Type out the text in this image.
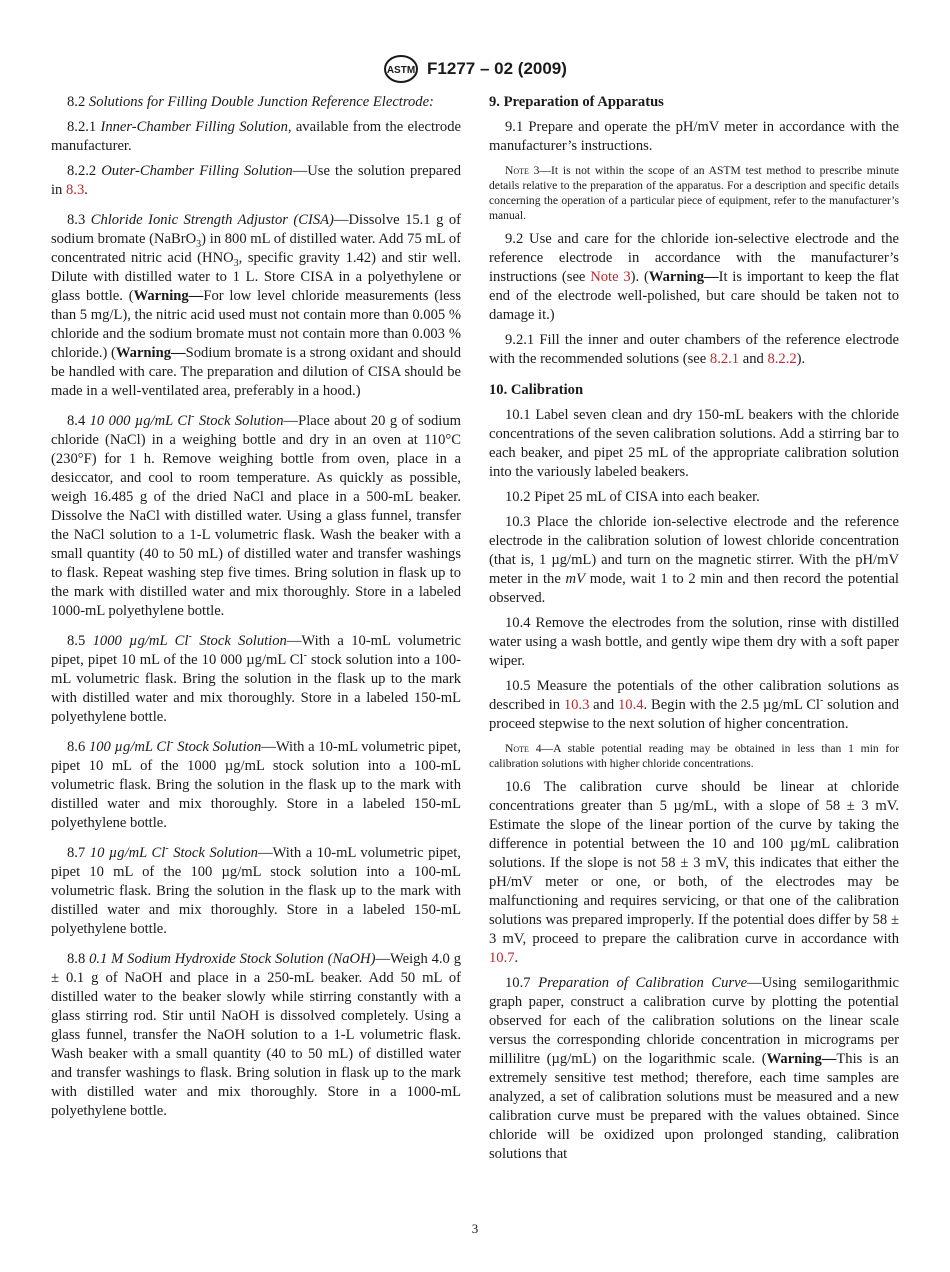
ASTM F1277 – 02 (2009)

8.2 Solutions for Filling Double Junction Reference Electrode:

8.2.1 Inner-Chamber Filling Solution, available from the electrode manufacturer.

8.2.2 Outer-Chamber Filling Solution—Use the solution prepared in 8.3.

8.3 Chloride Ionic Strength Adjustor (CISA)—Dissolve 15.1 g of sodium bromate (NaBrO$_3$) in 800 mL of distilled water. Add 75 mL of concentrated nitric acid ($HNO_3$, specific gravity 1.42) and stir well. Dilute with distilled water to 1 L. Store CISA in a polyethylene or glass bottle. (Warning—For low level chloride measurements (less than 5 mg/L), the nitric acid used must not contain more than 0.005 % chloride and the sodium bromate must not contain more than 0.003 % chloride.) (Warning—Sodium bromate is a strong oxidant and should be handled with care. The preparation and dilution of CISA should be made in a well-ventilated area, preferably in a hood.)

8.4 10 000 µg/mL Cl- Stock Solution—Place about 20 g of sodium chloride (NaCl) in a weighing bottle and dry in an oven at 110°C (230°F) for 1 h. Remove weighing bottle from oven, place in a desiccator, and cool to room temperature. As quickly as possible, weigh 16.485 g of the dried NaCl and place in a 500-mL beaker. Dissolve the NaCl with distilled water. Using a glass funnel, transfer the NaCl solution to a 1-L volumetric flask. Wash the beaker with a small quantity (40 to 50 mL) of distilled water and transfer washings to flask. Repeat washing step five times. Bring solution in flask up to the mark with distilled water and mix thoroughly. Store in a labeled 1000-mL polyethylene bottle.

8.5 1000 µg/mL Cl- Stock Solution—With a 10-mL volumetric pipet, pipet 10 mL of the 10 000 µg/mL Cl- stock solution into a 100-mL volumetric flask. Bring the solution in the flask up to the mark with distilled water and mix thoroughly. Store in a labeled 150-mL polyethylene bottle.

8.6 100 µg/mL Cl- Stock Solution—With a 10-mL volumetric pipet, pipet 10 mL of the 1000 µg/mL stock solution into a 100-mL volumetric flask. Bring the solution in the flask up to the mark with distilled water and mix thoroughly. Store in a labeled 150-mL polyethylene bottle.

8.7 10 µg/mL Cl- Stock Solution—With a 10-mL volumetric pipet, pipet 10 mL of the 100 µg/mL stock solution into a 100-mL volumetric flask. Bring the solution in the flask up to the mark with distilled water and mix thoroughly. Store in a labeled 150-mL polyethylene bottle.

8.8 0.1 M Sodium Hydroxide Stock Solution (NaOH)—Weigh 4.0 g ± 0.1 g of NaOH and place in a 250-mL beaker. Add 50 mL of distilled water to the beaker slowly while stirring constantly with a glass stirring rod. Stir until NaOH is dissolved completely. Using a glass funnel, transfer the NaOH solution to a 1-L volumetric flask. Wash beaker with a small quantity (40 to 50 mL) of distilled water and transfer washings to flask. Bring solution in flask up to the mark with distilled water and mix thoroughly. Store in a 1000-mL polyethylene bottle.

9. Preparation of Apparatus

9.1 Prepare and operate the pH/mV meter in accordance with the manufacturer’s instructions.

Note 3—It is not within the scope of an ASTM test method to prescribe minute details relative to the preparation of the apparatus. For a description and specific details concerning the operation of a particular piece of equipment, refer to the manufacturer’s manual.

9.2 Use and care for the chloride ion-selective electrode and the reference electrode in accordance with the manufacturer’s instructions (see Note 3). (Warning—It is important to keep the flat end of the electrode well-polished, but care should be taken not to damage it.)

9.2.1 Fill the inner and outer chambers of the reference electrode with the recommended solutions (see 8.2.1 and 8.2.2).

10. Calibration

10.1 Label seven clean and dry 150-mL beakers with the chloride concentrations of the seven calibration solutions. Add a stirring bar to each beaker, and pipet 25 mL of the appropriate calibration solution into the variously labeled beakers.

10.2 Pipet 25 mL of CISA into each beaker.

10.3 Place the chloride ion-selective electrode and the reference electrode in the calibration solution of lowest chloride concentration (that is, 1 µg/mL) and turn on the magnetic stirrer. With the pH/mV meter in the mV mode, wait 1 to 2 min and then record the potential observed.

10.4 Remove the electrodes from the solution, rinse with distilled water using a wash bottle, and gently wipe them dry with a soft paper wiper.

10.5 Measure the potentials of the other calibration solutions as described in 10.3 and 10.4. Begin with the 2.5 µg/mL Cl- solution and proceed stepwise to the next solution of higher concentration.

Note 4—A stable potential reading may be obtained in less than 1 min for calibration solutions with higher chloride concentrations.

10.6 The calibration curve should be linear at chloride concentrations greater than 5 µg/mL, with a slope of 58 ± 3 mV. Estimate the slope of the linear portion of the curve by taking the difference in potential between the 10 and 100 µg/mL calibration solutions. If the slope is not 58 ± 3 mV, this indicates that either the pH/mV meter or one, or both, of the electrodes may be malfunctioning and requires servicing, or that one of the calibration solutions was prepared improperly. If the potential does differ by 58 ± 3 mV, proceed to prepare the calibration curve in accordance with 10.7.

10.7 Preparation of Calibration Curve—Using semilogarithmic graph paper, construct a calibration curve by plotting the potential observed for each of the calibration solutions on the linear scale versus the corresponding chloride concentration in micrograms per millilitre (µg/mL) on the logarithmic scale. (Warning—This is an extremely sensitive test method; therefore, each time samples are analyzed, a set of calibration solutions must be measured and a new calibration curve must be prepared with the values obtained. Since chloride will be oxidized upon prolonged standing, calibration solutions that

3
